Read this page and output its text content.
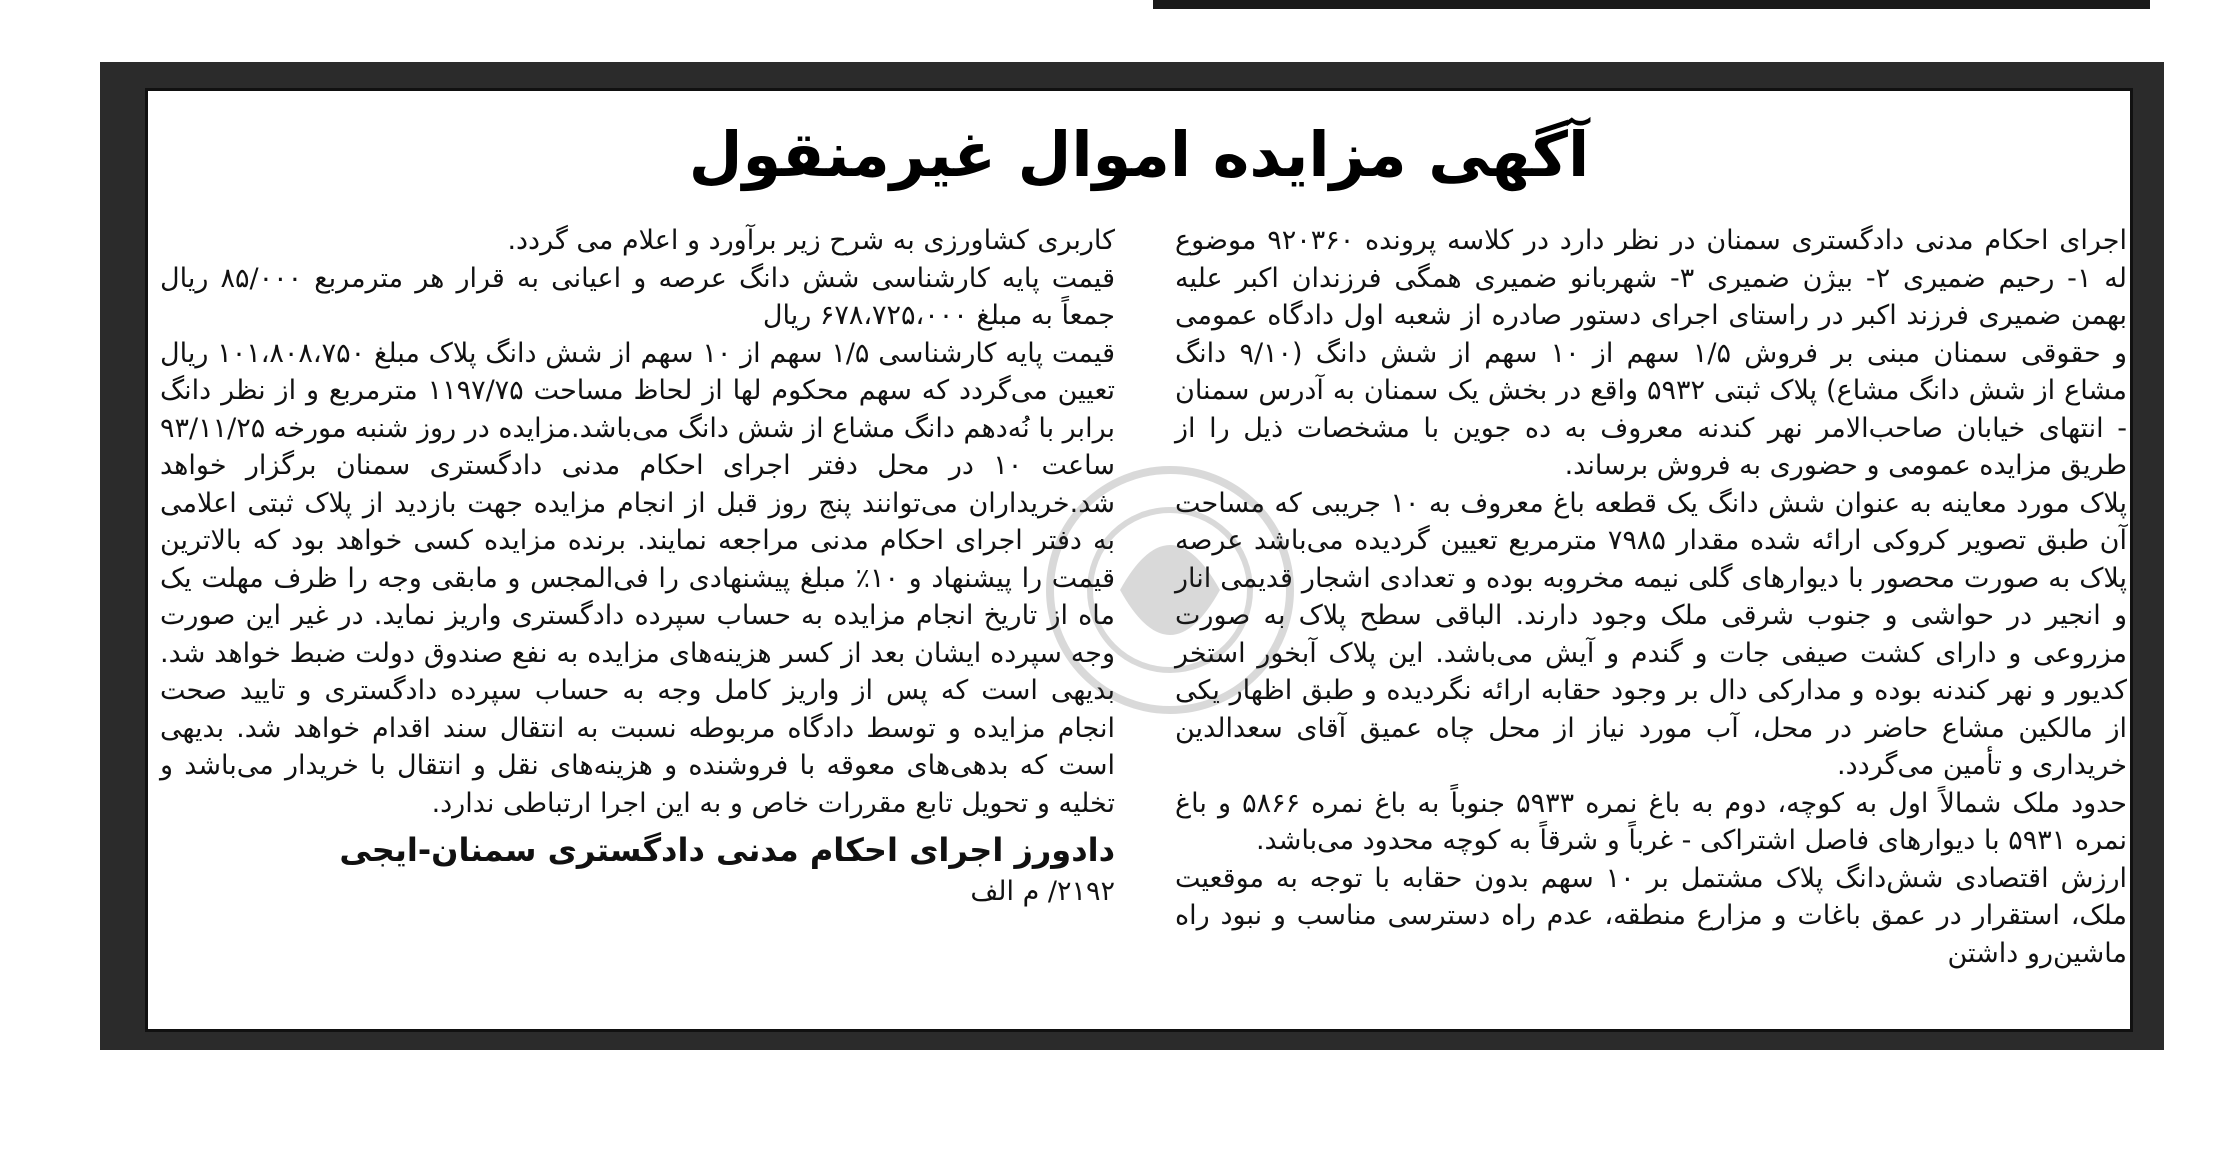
آگهی مزایده اموال غیرمنقول

اجرای احکام مدنی دادگستری سمنان در نظر دارد در کلاسه پرونده ۹۲۰۳۶۰ موضوع له ۱- رحیم ضمیری ۲- بیژن ضمیری ۳- شهربانو ضمیری همگی فرزندان اکبر علیه بهمن ضمیری فرزند اکبر در راستای اجرای دستور صادره از شعبه اول دادگاه عمومی و حقوقی سمنان مبنی بر فروش ۱/۵ سهم از ۱۰ سهم از شش دانگ (۹/۱۰ دانگ مشاع از شش دانگ مشاع) پلاک ثبتی ۵۹۳۲ واقع در بخش یک سمنان به آدرس سمنان - انتهای خیابان صاحب‌الامر نهر کندنه معروف به ده جوین با مشخصات ذیل را از طریق مزایده عمومی و حضوری به فروش برساند.

پلاک مورد معاینه به عنوان شش دانگ یک قطعه باغ معروف به ۱۰ جریبی که مساحت آن طبق تصویر کروکی ارائه شده مقدار ۷۹۸۵ مترمربع تعیین گردیده می‌باشد عرصه پلاک به صورت محصور با دیوارهای گلی نیمه مخروبه بوده و تعدادی اشجار قدیمی انار و انجیر در حواشی و جنوب شرقی ملک وجود دارند. الباقی سطح پلاک به صورت مزروعی و دارای کشت صیفی جات و گندم و آیش می‌باشد. این پلاک آبخور استخر کدیور و نهر کندنه بوده و مدارکی دال بر وجود حقابه ارائه نگردیده و طبق اظهار یکی از مالکین مشاع حاضر در محل، آب مورد نیاز از محل چاه عمیق آقای سعدالدین خریداری و تأمین می‌گردد.

حدود ملک شمالاً اول به کوچه، دوم به باغ نمره ۵۹۳۳ جنوباً به باغ نمره ۵۸۶۶ و باغ نمره ۵۹۳۱ با دیوارهای فاصل اشتراکی - غرباً و شرقاً به کوچه محدود می‌باشد.

ارزش اقتصادی شش‌دانگ پلاک مشتمل بر ۱۰ سهم بدون حقابه با توجه به موقعیت ملک، استقرار در عمق باغات و مزارع منطقه، عدم راه دسترسی مناسب و نبود راه ماشین‌رو داشتن

کاربری کشاورزی به شرح زیر برآورد و اعلام می گردد.

قیمت پایه کارشناسی شش دانگ عرصه و اعیانی به قرار هر مترمربع ۸۵/۰۰۰ ریال جمعاً به مبلغ ۶۷۸،۷۲۵،۰۰۰ ریال

قیمت پایه کارشناسی ۱/۵ سهم از ۱۰ سهم از شش دانگ پلاک مبلغ ۱۰۱،۸۰۸،۷۵۰ ریال تعیین می‌گردد که سهم محکوم لها از لحاظ مساحت ۱۱۹۷/۷۵ مترمربع و از نظر دانگ برابر با نُه‌دهم دانگ مشاع از شش دانگ می‌باشد.مزایده در روز شنبه مورخه ۹۳/۱۱/۲۵ ساعت ۱۰ در محل دفتر اجرای احکام مدنی دادگستری سمنان برگزار خواهد شد.خریداران می‌توانند پنج روز قبل از انجام مزایده جهت بازدید از پلاک ثبتی اعلامی به دفتر اجرای احکام مدنی مراجعه نمایند. برنده مزایده کسی خواهد بود که بالاترین قیمت را پیشنهاد و ۱۰٪ مبلغ پیشنهادی را فی‌المجس و مابقی وجه را ظرف مهلت یک ماه از تاریخ انجام مزایده به حساب سپرده دادگستری واریز نماید. در غیر این صورت وجه سپرده ایشان بعد از کسر هزینه‌های مزایده به نفع صندوق دولت ضبط خواهد شد. بدیهی است که پس از واریز کامل وجه به حساب سپرده دادگستری و تایید صحت انجام مزایده و توسط دادگاه مربوطه نسبت به انتقال سند اقدام خواهد شد. بدیهی است که بدهی‌های معوقه با فروشنده و هزینه‌های نقل و انتقال با خریدار می‌باشد و تخلیه و تحویل تابع مقررات خاص و به این اجرا ارتباطی ندارد.

دادورز اجرای احکام مدنی دادگستری سمنان-ایجی

۲۱۹۲/ م الف
